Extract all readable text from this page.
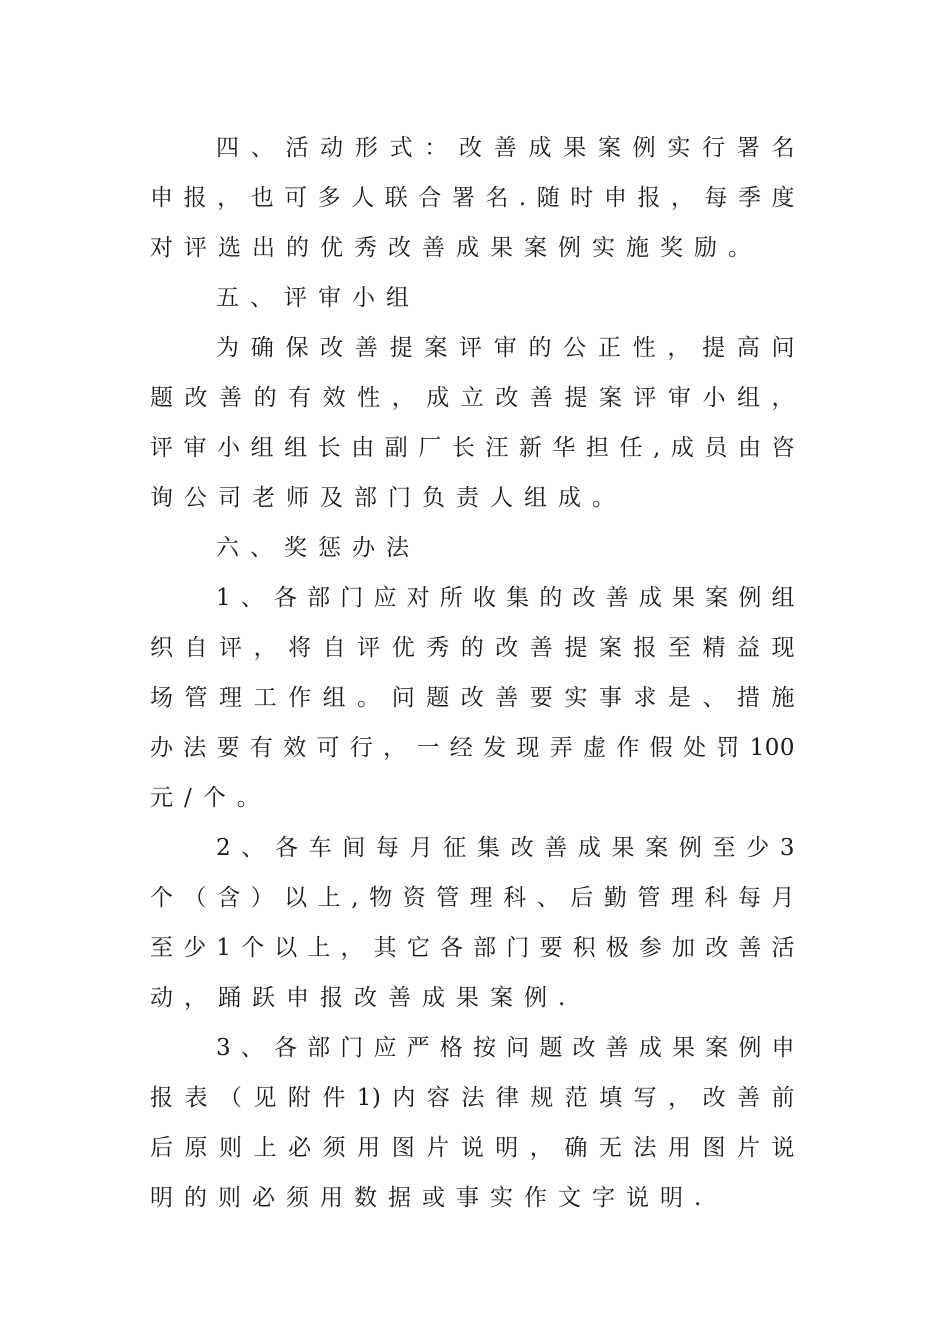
四、活动形式：改善成果案例实行署名
申报，也可多人联合署名.随时申报，每季度
对评选出的优秀改善成果案例实施奖励。
五、评审小组
为确保改善提案评审的公正性，提高问
题改善的有效性，成立改善提案评审小组，
评审小组组长由副厂长汪新华担任,成员由咨
询公司老师及部门负责人组成。
六、奖惩办法
1、各部门应对所收集的改善成果案例组
织自评，将自评优秀的改善提案报至精益现
场管理工作组。问题改善要实事求是、措施
办法要有效可行，一经发现弄虚作假处罚100
元/个。
2、各车间每月征集改善成果案例至少3
个（含）以上,物资管理科、后勤管理科每月
至少1个以上，其它各部门要积极参加改善活
动，踊跃申报改善成果案例.
3、各部门应严格按问题改善成果案例申
报表（见附件1)内容法律规范填写，改善前
后原则上必须用图片说明，确无法用图片说
明的则必须用数据或事实作文字说明.
